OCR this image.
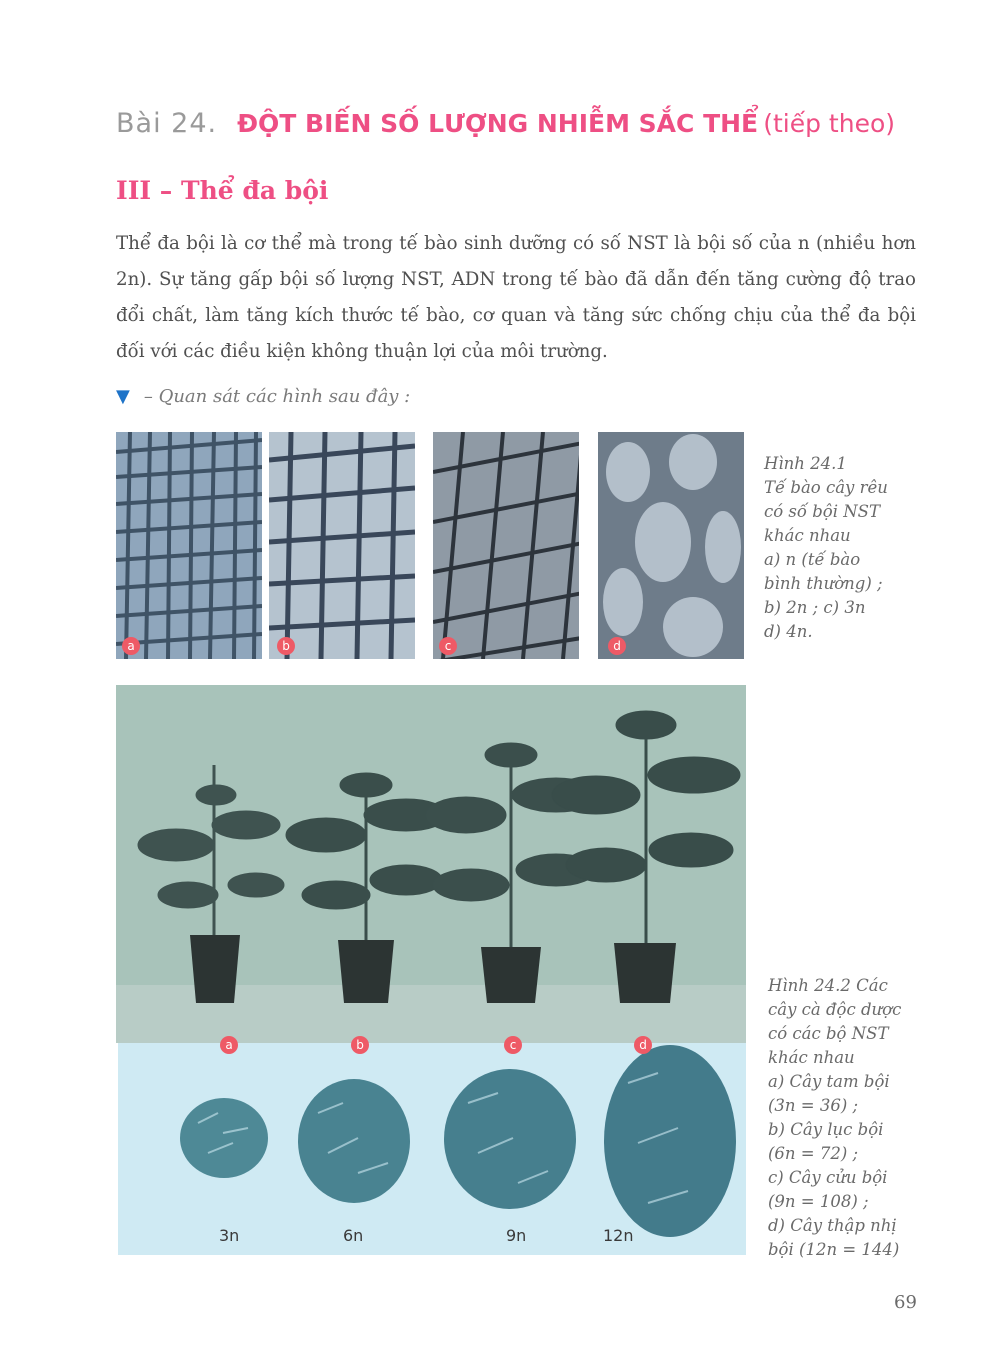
Bài 24. ĐỘT BIẾN SỐ LƯỢNG NHIỄM SẮC THỂ (tiếp theo)
III – Thể đa bội
Thể đa bội là cơ thể mà trong tế bào sinh dưỡng có số NST là bội số của n (nhiều hơn 2n). Sự tăng gấp bội số lượng NST, ADN trong tế bào đã dẫn đến tăng cường độ trao đổi chất, làm tăng kích thước tế bào, cơ quan và tăng sức chống chịu của thể đa bội đối với các điều kiện không thuận lợi của môi trường.
▼ – Quan sát các hình sau đây :
a	b	c	d
Hình 24.1
Tế bào cây rêu
có số bội NST
khác nhau
a) n (tế bào
bình thường) ;
b) 2n ; c) 3n
d) 4n.
a	b	c	d
3n	6n	9n	12n
Hình 24.2 Các
cây cà độc dược
có các bộ NST
khác nhau
a) Cây tam bội
(3n = 36) ;
b) Cây lục bội
(6n = 72) ;
c) Cây cửu bội
(9n = 108) ;
d) Cây thập nhị
bội (12n = 144)
69
